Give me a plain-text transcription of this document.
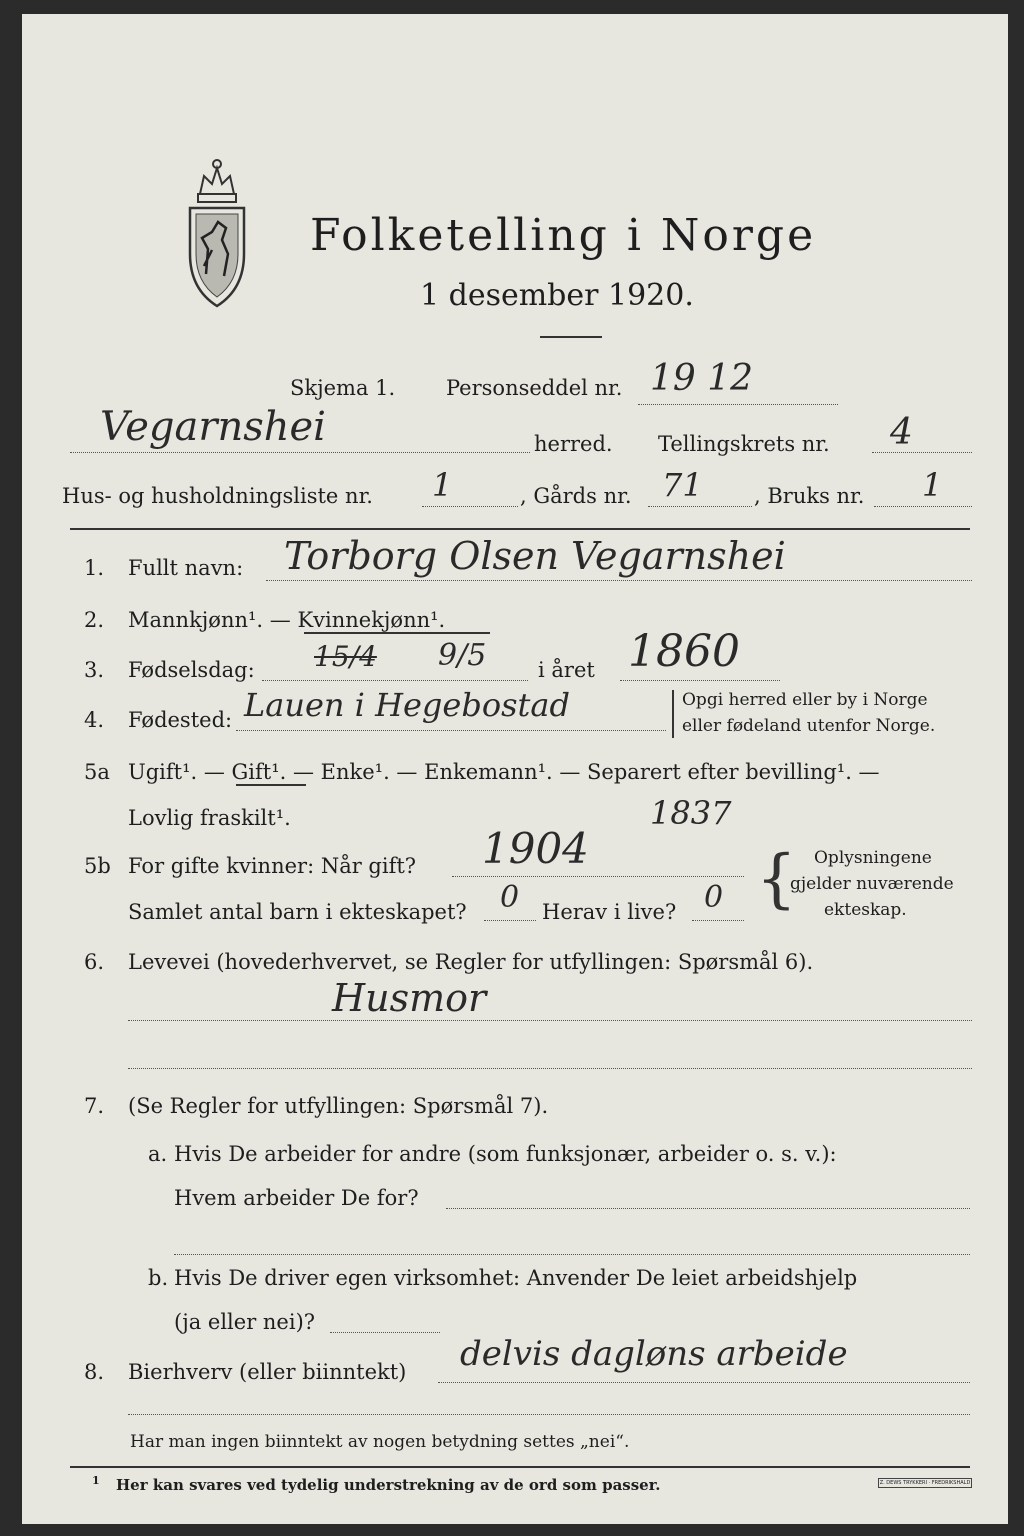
Folketelling i Norge
1 desember 1920.
Skjema 1. Personseddel nr. 19 12
Vegarnshei	herred. Tellingskrets nr. 4
Hus- og husholdningsliste nr. 1	, Gårds nr. 71 , Bruks nr. 1
1. Fullt navn: Torborg Olsen Vegarnshei
2. Mannkjønn¹. — Kvinnekjønn¹.
3. Fødselsdag: 15/4 9/5 i året 1860
4. Fødested: Lauen i Hegebostad	Opgi herred eller by i Norge
eller fødeland utenfor Norge.
5a Ugift¹. — Gift¹. — Enke¹. — Enkemann¹. — Separert efter bevilling¹. —
Lovlig fraskilt¹.
5b For gifte kvinner: Når gift? 1904
1837
Samlet antal barn i ekteskapet? 0 Herav i live? 0 { Oplysningene
gjelder nuværende
ekteskap.
6. Levevei (hovederhvervet, se Regler for utfyllingen: Spørsmål 6).
Husmor
7. (Se Regler for utfyllingen: Spørsmål 7).
a. Hvis De arbeider for andre (som funksjonær, arbeider o. s. v.):
Hvem arbeider De for?
b. Hvis De driver egen virksomhet: Anvender De leiet arbeidshjelp
(ja eller nei)?
8. Bierhverv (eller biinntekt) delvis dagløns arbeide
Har man ingen biinntekt av nogen betydning settes „nei“.
1 Her kan svares ved tydelig understrekning av de ord som passer.	Z. DEWS TRYKKERI · FREDRIKSHALD
